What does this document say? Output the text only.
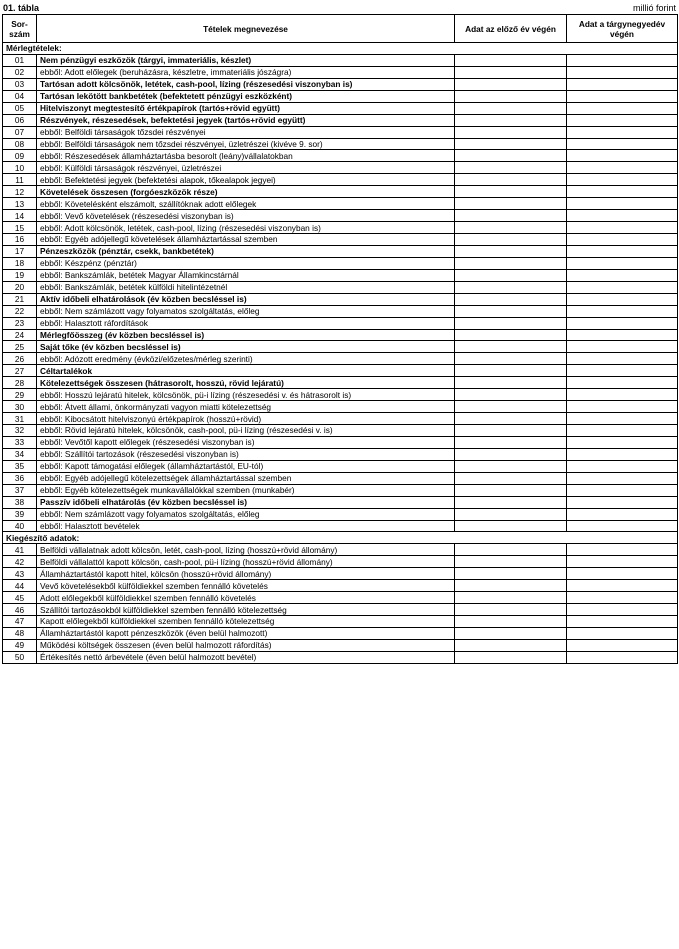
01. tábla	millió forint
Sor-
szám	Tételek megnevezése	Adat az előző év végén	Adat a tárgynegyedév végén
Mérlegtételek:			
01	Nem pénzügyi eszközök (tárgyi, immateriális, készlet)		
02	ebből: Adott előlegek (beruházásra, készletre, immateriális jószágra)		
03	Tartósan adott kölcsönök, letétek, cash-pool, lízing (részesedési viszonyban is)		
04	Tartósan lekötött bankbetétek (befektetett pénzügyi eszközként)		
05	Hitelviszonyt megtestesítő értékpapírok (tartós+rövid együtt)		
06	Részvények, részesedések, befektetési jegyek (tartós+rövid együtt)		
07	ebből: Belföldi társaságok tőzsdei részvényei		
08	ebből: Belföldi társaságok nem tőzsdei részvényei, üzletrészei (kivéve 9. sor)		
09	ebből: Részesedések államháztartásba besorolt (leány)vállalatokban		
10	ebből: Külföldi társaságok részvényei, üzletrészei		
11	ebből: Befektetési jegyek (befektetési alapok, tőkealapok jegyei)		
12	Követelések összesen (forgóeszközök része)		
13	ebből: Követelésként elszámolt, szállítóknak adott előlegek		
14	ebből: Vevő követelések (részesedési viszonyban is)		
15	ebből: Adott kölcsönök, letétek, cash-pool, lízing (részesedési viszonyban is)		
16	ebből: Egyéb adójellegű követelések államháztartással szemben		
17	Pénzeszközök (pénztár, csekk, bankbetétek)		
18	ebből: Készpénz (pénztár)		
19	ebből: Bankszámlák, betétek Magyar Államkincstárnál		
20	ebből: Bankszámlák, betétek külföldi hitelintézetnél		
21	Aktív időbeli elhatárolások (év közben becsléssel is)		
22	ebből: Nem számlázott vagy folyamatos szolgáltatás, előleg		
23	ebből: Halasztott ráfordítások		
24	Mérlegfőösszeg (év közben becsléssel is)		
25	Saját tőke (év közben becsléssel is)		
26	ebből: Adózott eredmény (évközi/előzetes/mérleg szerinti)		
27	Céltartalékok		
28	Kötelezettségek összesen (hátrasorolt, hosszú, rövid lejáratú)		
29	ebből: Hosszú lejáratú hitelek, kölcsönök, pü-i lízing (részesedési v. és hátrasorolt is)		
30	ebből: Átvett állami, önkormányzati vagyon miatti kötelezettség		
31	ebből: Kibocsátott hitelviszonyú értékpapírok (hosszú+rövid)		
32	ebből: Rövid lejáratú hitelek, kölcsönök, cash-pool, pü-i lízing (részesedési v. is)		
33	ebből: Vevőtől kapott előlegek (részesedési viszonyban is)		
34	ebből: Szállítói tartozások (részesedési viszonyban is)		
35	ebből: Kapott támogatási előlegek (államháztartástól, EU-tól)		
36	ebből: Egyéb adójellegű kötelezettségek államháztartással szemben		
37	ebből: Egyéb kötelezettségek munkavállalókkal szemben (munkabér)		
38	Passzív időbeli elhatárolás (év közben becsléssel is)		
39	ebből: Nem számlázott vagy folyamatos szolgáltatás, előleg		
40	ebből: Halasztott bevételek		
Kiegészítő adatok:			
41	Belföldi vállalatnak adott kölcsön, letét, cash-pool, lízing (hosszú+rövid állomány)		
42	Belföldi vállalattól kapott kölcsön, cash-pool, pü-i lízing (hosszú+rövid állomány)		
43	Államháztartástól kapott hitel, kölcsön (hosszú+rövid állomány)		
44	Vevő követelésekből külföldiekkel szemben fennálló követelés		
45	Adott előlegekből külföldiekkel szemben fennálló követelés		
46	Szállítói tartozásokból külföldiekkel szemben fennálló kötelezettség		
47	Kapott előlegekből külföldiekkel szemben fennálló kötelezettség		
48	Államháztartástól kapott pénzeszközök (éven belül halmozott)		
49	Működési költségek összesen (éven belül halmozott ráfordítás)		
50	Értékesítés nettó árbevétele (éven belül halmozott bevétel)		
